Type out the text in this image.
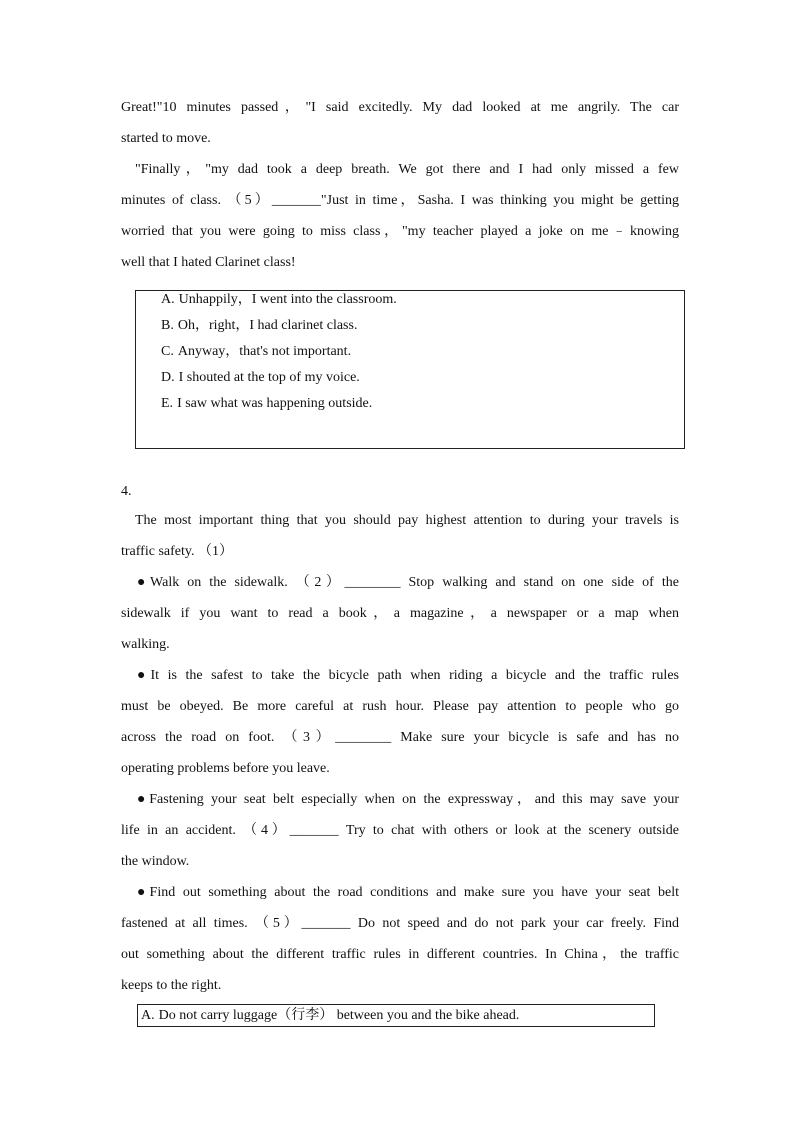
Great!"10 minutes passed，"I said excitedly. My dad looked at me angrily. The car
started to move.
"Finally，"my dad took a deep breath. We got there and I had only missed a few
minutes of class. （5）_______"Just in time，Sasha. I was thinking you might be getting
worried that you were going to miss class，"my teacher played a joke on me﹣knowing
well that I hated Clarinet class!
A. Unhappily，I went into the classroom.
B. Oh，right，I had clarinet class.
C. Anyway，that's not important.
D. I shouted at the top of my voice.
E. I saw what was happening outside.
4.
The most important thing that you should pay highest attention to during your travels is
traffic safety. （1）
●Walk on the sidewalk. （2）________ Stop walking and stand on one side of the
sidewalk if you want to read a book，a magazine，a newspaper or a map when
walking.
●It is the safest to take the bicycle path when riding a bicycle and the traffic rules
must be obeyed. Be more careful at rush hour. Please pay attention to people who go
across the road on foot. （3）________ Make sure your bicycle is safe and has no
operating problems before you leave.
●Fastening your seat belt especially when on the expressway，and this may save your
life in an accident. （4）_______ Try to chat with others or look at the scenery outside
the window.
●Find out something about the road conditions and make sure you have your seat belt
fastened at all times. （5）_______ Do not speed and do not park your car freely. Find
out something about the different traffic rules in different countries. In China，the traffic
keeps to the right.
A. Do not carry luggage（行李） between you and the bike ahead.
